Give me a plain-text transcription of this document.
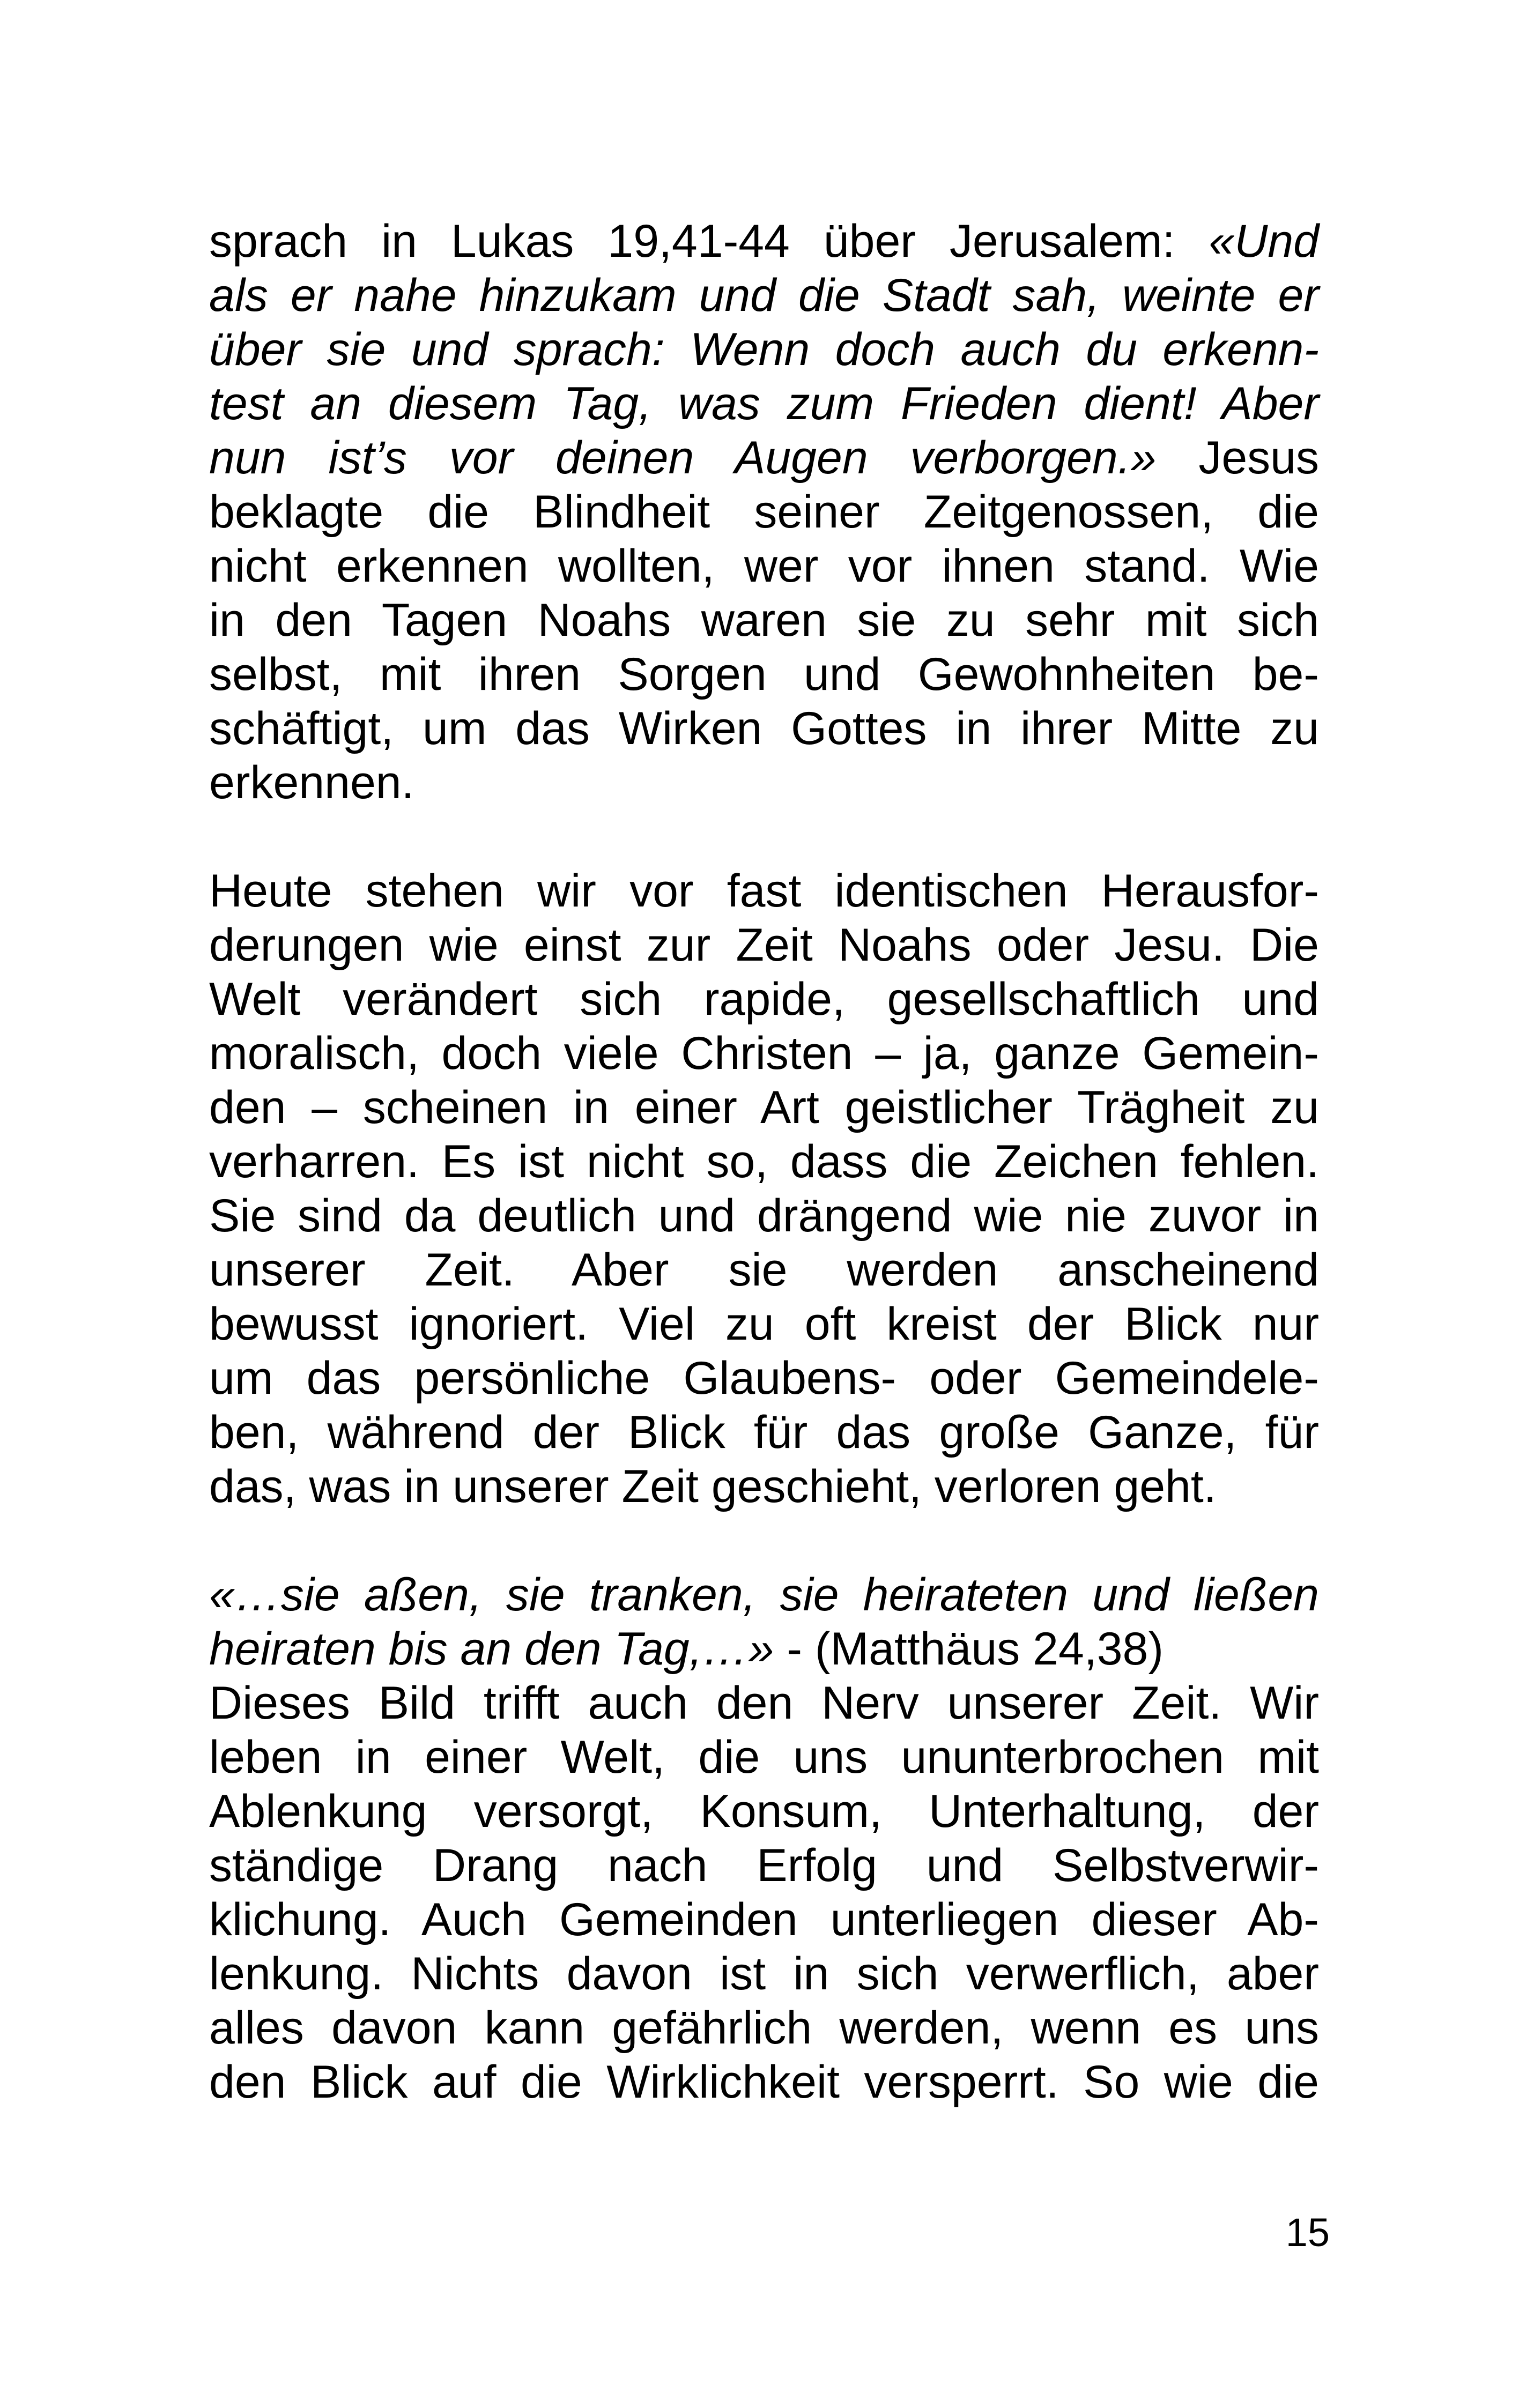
sprach in Lukas 19,41-44 über Jerusalem: «Und
als er nahe hinzukam und die Stadt sah, weinte er
über sie und sprach: Wenn doch auch du erkenn-
test an diesem Tag, was zum Frieden dient! Aber
nun ist’s vor deinen Augen verborgen.» Jesus
beklagte die Blindheit seiner Zeitgenossen, die
nicht erkennen wollten, wer vor ihnen stand. Wie
in den Tagen Noahs waren sie zu sehr mit sich
selbst, mit ihren Sorgen und Gewohnheiten be-
schäftigt, um das Wirken Gottes in ihrer Mitte zu
erkennen.
Heute stehen wir vor fast identischen Herausfor-
derungen wie einst zur Zeit Noahs oder Jesu. Die
Welt verändert sich rapide, gesellschaftlich und
moralisch, doch viele Christen – ja, ganze Gemein-
den – scheinen in einer Art geistlicher Trägheit zu
verharren. Es ist nicht so, dass die Zeichen fehlen.
Sie sind da deutlich und drängend wie nie zuvor in
unserer Zeit. Aber sie werden anscheinend
bewusst ignoriert. Viel zu oft kreist der Blick nur
um das persönliche Glaubens- oder Gemeindele-
ben, während der Blick für das große Ganze, für
das, was in unserer Zeit geschieht, verloren geht.
«…sie aßen, sie tranken, sie heirateten und ließen
heiraten bis an den Tag,…» - (Matthäus 24,38)
Dieses Bild trifft auch den Nerv unserer Zeit. Wir
leben in einer Welt, die uns ununterbrochen mit
Ablenkung versorgt, Konsum, Unterhaltung, der
ständige Drang nach Erfolg und Selbstverwir-
klichung. Auch Gemeinden unterliegen dieser Ab-
lenkung. Nichts davon ist in sich verwerflich, aber
alles davon kann gefährlich werden, wenn es uns
den Blick auf die Wirklichkeit versperrt. So wie die
15
